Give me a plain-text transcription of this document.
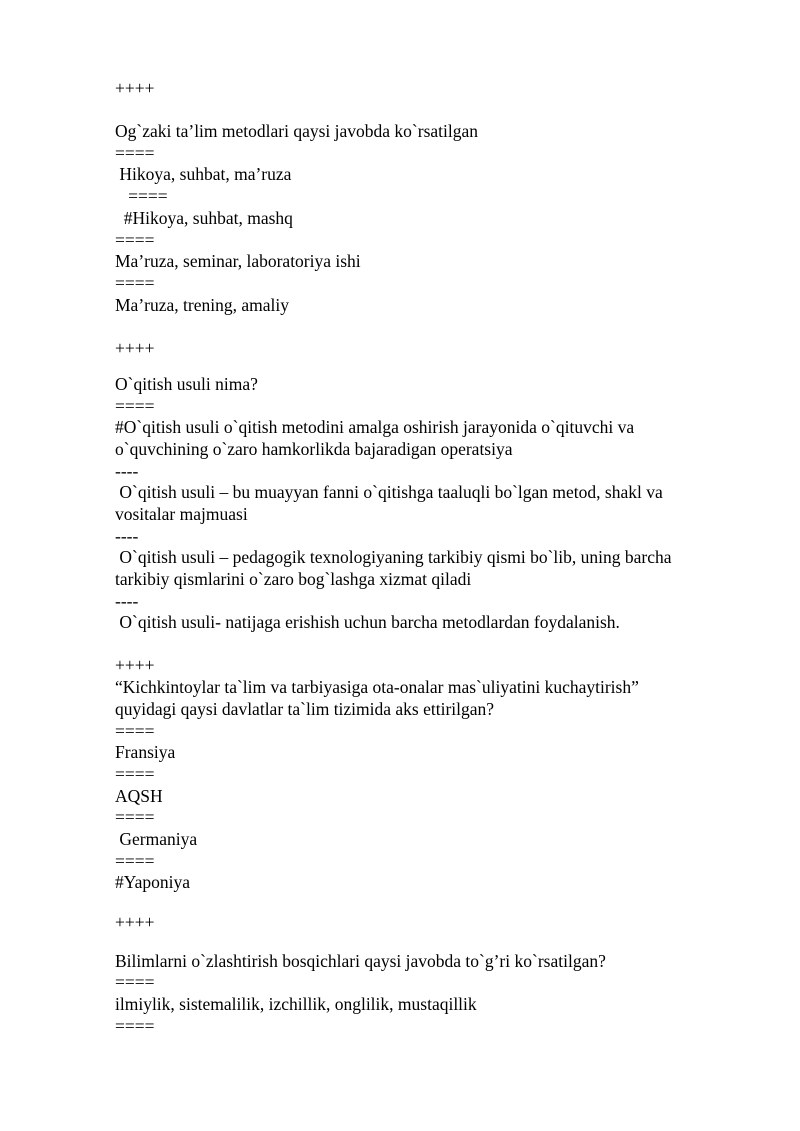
++++
Og`zaki ta’lim metodlari qaysi javobda ko`rsatilgan
====
Hikoya, suhbat, ma’ruza
====
#Hikoya, suhbat, mashq
====
Ma’ruza, seminar, laboratoriya ishi
====
Ma’ruza, trening, amaliy
++++
O`qitish usuli nima?
====
#O`qitish usuli o`qitish metodini amalga oshirish jarayonida o`qituvchi va
o`quvchining o`zaro hamkorlikda bajaradigan operatsiya
----
O`qitish usuli – bu muayyan fanni o`qitishga taaluqli bo`lgan metod, shakl va
vositalar majmuasi
----
O`qitish usuli – pedagogik texnologiyaning tarkibiy qismi bo`lib, uning barcha
tarkibiy qismlarini o`zaro bog`lashga xizmat qiladi
----
O`qitish usuli- natijaga erishish uchun barcha metodlardan foydalanish.
++++
“Kichkintoylar ta`lim va tarbiyasiga ota-onalar mas`uliyatini kuchaytirish”
quyidagi qaysi davlatlar ta`lim tizimida aks ettirilgan?
====
Fransiya
====
AQSH
====
Germaniya
====
#Yaponiya
++++
Bilimlarni o`zlashtirish bosqichlari qaysi javobda to`g’ri ko`rsatilgan?
====
ilmiylik, sistemalilik, izchillik, onglilik, mustaqillik
====
